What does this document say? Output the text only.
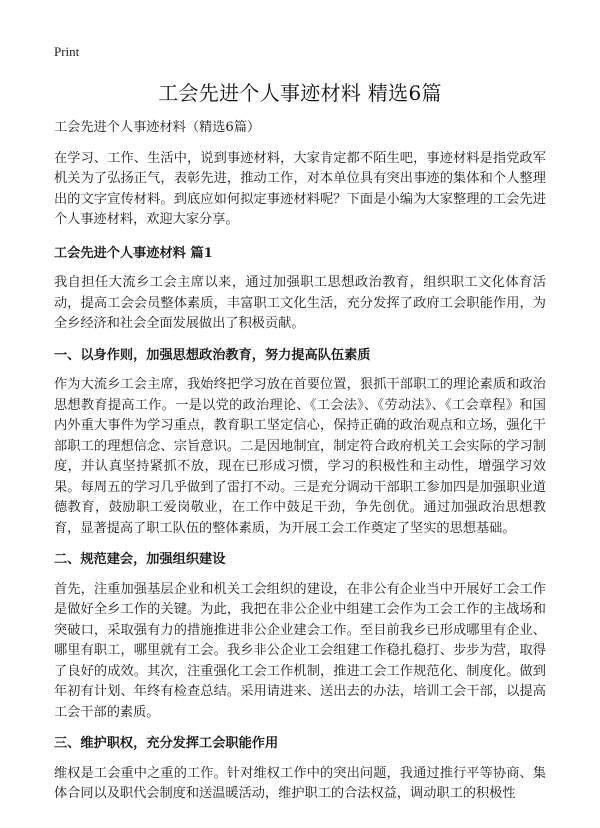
Print
工会先进个人事迹材料 精选6篇

工会先进个人事迹材料（精选6篇）

在学习、工作、生活中，说到事迹材料，大家肯定都不陌生吧，事迹材料是指党政军机关为了弘扬正气，表彰先进，推动工作，对本单位具有突出事迹的集体和个人整理出的文字宣传材料。到底应如何拟定事迹材料呢？下面是小编为大家整理的工会先进个人事迹材料，欢迎大家分享。

工会先进个人事迹材料 篇1

我自担任大流乡工会主席以来，通过加强职工思想政治教育，组织职工文化体育活动，提高工会会员整体素质，丰富职工文化生活，充分发挥了政府工会职能作用，为全乡经济和社会全面发展做出了积极贡献。

一、以身作则，加强思想政治教育，努力提高队伍素质

作为大流乡工会主席，我始终把学习放在首要位置，狠抓干部职工的理论素质和政治思想教育提高工作。一是以党的政治理论、《工会法》、《劳动法》、《工会章程》和国内外重大事件为学习重点，教育职工坚定信心，保持正确的政治观点和立场，强化干部职工的理想信念、宗旨意识。二是因地制宜，制定符合政府机关工会实际的学习制度，并认真坚持紧抓不放，现在已形成习惯，学习的积极性和主动性，增强学习效果。每周五的学习几乎做到了雷打不动。三是充分调动干部职工参加四是加强职业道德教育，鼓励职工爱岗敬业，在工作中鼓足干劲，争先创优。通过加强政治思想教育，显著提高了职工队伍的整体素质，为开展工会工作奠定了坚实的思想基础。

二、规范建会，加强组织建设

首先，注重加强基层企业和机关工会组织的建设，在非公有企业当中开展好工会工作是做好全乡工作的关键。为此，我把在非公企业中组建工会作为工会工作的主战场和突破口，采取强有力的措施推进非公企业建会工作。至目前我乡已形成哪里有企业、哪里有职工，哪里就有工会。我乡非公企业工会组建工作稳扎稳打、步步为营，取得了良好的成效。其次，注重强化工会工作机制，推进工会工作规范化、制度化。做到年初有计划、年终有检查总结。采用请进来、送出去的办法，培训工会干部，以提高工会干部的素质。

三、维护职权，充分发挥工会职能作用

维权是工会重中之重的工作。针对维权工作中的突出问题，我通过推行平等协商、集体合同以及职代会制度和送温暖活动，维护职工的合法权益，调动职工的积极性
